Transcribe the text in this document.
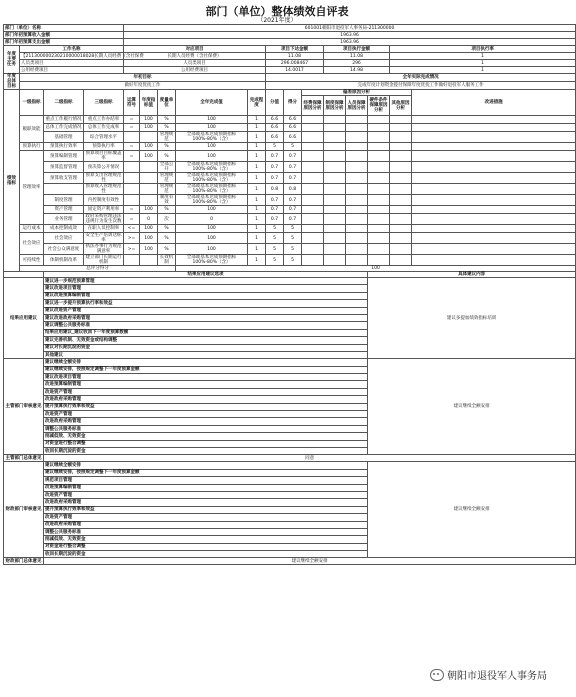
部门（单位）整体绩效自评表
（2021年度）
部门（单位）名称				601001朝阳市退役军人事务局-211300000													
部门年初预算收入金额				1963.96													
部门年初预算支出金额				1963.96													
年度主要任务	工作名称			对应项目					项目下达金额			项目执行金额			项目执行率			
	【211300000230210000018028长期人员经费（含社保费			长期人员经费（含社保费）					11.08			11.08			1			
	人员类项目			人员类项目					296.008467			296			1			
	公用经费项目			公用经费项目					14.0017			14.98			1			
年度总体目标	年初目标								全年实际完成情况								
	做好年度优抚工作								完成年度计划资金拨付保障年度优抚工作做好退役军人服务工作								
绩效指标	一级指标	二级指标	三级指标	运算符号	年度指标值	度量单位	全年完成值	完成程度	分值	得分	偏差原因分析					改进措施	
											经费保障原因分析	制度保障原因分析	人员保障原因分析	硬件条件保障原因分析	其他原因分析		
	履职效能	重点工作履行情况	重点工作办结率	=	100	%	100	1	6.6	6.6							
		总体工作完成情况	总体工作完成率	=	100	%	100	1	6.6	6.6							
		基础管理	综合管理水平			管理规范	全部或基本达成预期指标100%-80%（含）	1	6.6	6.6							
	预算执行	预算执行效率	预算执行率	=	100	%	100	1	5	5							
	管理效率	预算编制管理	预算项目目标覆盖率	=	100	%	100	1	0.7	0.7							
		预算监督管理	预决算公开情况			全部公开	全部或基本达成预期指标100%-80%（含）	1	0.7	0.7							
		预算收支管理	预算支出管理规范性			管理规范	全部或基本达成预期指标100%-80%（含）	1	0.7	0.7							
			预算收入管理规范性			管理规范	全部或基本达成预期指标100%-80%（含）	1	0.8	0.8							
		制度管理	内控制度有效性			制度有效	全部或基本达成预期指标100%-80%（含）	1	0.7	0.7							
		资产管理	固定资产利用率	=	100	%	100	1	0.7	0.7							
		业务管理	政府采购管理违法违规行为发生次数	=	0	次	0	1	0.7	0.7							
	运行成本	成本控制成效	在职人员控制率	<=	100	%	100	1	5	5							
	社会效应	社会效应	安全生产培训达标率	>=	100	%	100	1	5	5							
		社会公众满意度	执法办事行为规范满意率	>=	100	%	100	1	5	5							
	可持续性	体制机制改革	建立部门长期运行机制			长效机制	全部或基本达成预期指标100%-80%（含）	1	5	5							
	总评分得分						100										
		结果应用建议选项												具体建议内容			
结果应用建议		建议进一步规范预算管理												建议多提加绩效指标培训			
		建议改进项目管理															
		建议改进预算编制管理															
		建议进一步提升预算执行率和效益															
		建议改进资产管理															
		建议改进政府采购管理															
		建议调整公共服务标准															
		结果应用建议_建议收回下一年度预算数额															
		建议完善机制、无效资金或结构调整															
		建议对长期沉淀的资金															
		其他建议															
主管部门审核意见		建议继续全额安排												建议继续全额安排			
		建议继续安排，按照规定调整下一年度预算金额															
		建议改进项目管理															
		改进预算编制管理															
		改进资产管理															
		改进政府采购管理															
		提升预算执行效率和效益															
		改进资产管理															
		改进政府采购管理															
		调整公共服务标准															
		削减低效、无效资金															
		对资金进行整合调整															
		收回长期沉淀的资金															
主管部门总体意见		同意															
财政部门审核意见		建议继续全额安排												建议继续全额安排			
		建议继续安排，按照规定调整下一年度预算金额															
		规范项目管理															
		改进预算编制管理															
		改进资产管理															
		改进政府采购管理															
		提升预算执行效率和效益															
		改进资产管理															
		改进政府采购管理															
		调整公共服务标准															
		削减低效、无效资金															
		对资金进行整合调整															
		收回长期沉淀的资金															
财政部门总体意见		建议继续全额安排															
朝阳市退役军人事务局
